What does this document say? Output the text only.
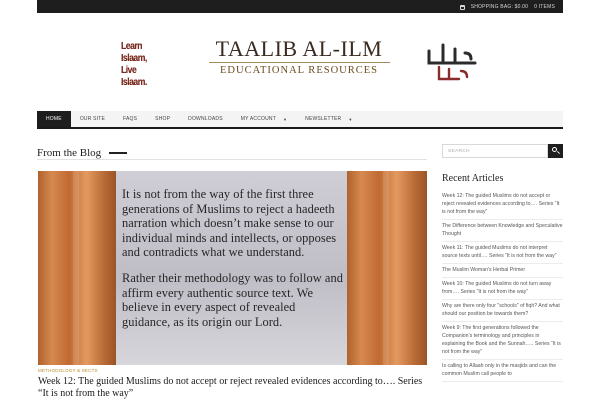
SHOPPING BAG: $0.00 0 ITEMS
Learn Islaam,
Live Islaam.
TAALIB AL-ILM
EDUCATIONAL RESOURCES
HOME	OUR SITE	FAQS	SHOP	DOWNLOADS	MY ACCOUNT ▼	NEWSLETTER ▼
From the Blog

It is not from the way of the first three generations of Muslims to reject a hadeeth narration which doesn’t make sense to our individual minds and intellects, or opposes and contradicts what we understand.

Rather their methodology was to follow and affirm every authentic source text. We believe in every aspect of revealed guidance, as its origin our Lord.

METHODOLOGY & SECTS
Week 12: The guided Muslims do not accept or reject revealed evidences according to…. Series “It is not from the way”
SEARCH
Recent Articles
Week 12: The guided Muslims do not accept or reject revealed evidences according to…. Series “It is not from the way”
The Difference between Knowledge and Speculative Thought
Week 11: The guided Muslims do not interpret source texts until…. Series “It is not from the way”
The Muslim Woman's Herbal Primer
Week 10: The guided Muslims do not turn away from…. Series “It is not from the way”
Why are there only four "schools" of fiqh? And what should our position be towards them?
Week 9: The first generations followed the Companion’s terminology and principles in explaining the Book and the Sunnah….. Series “It is not from the way”
Is calling to Allaah only in the masjids and can the common Muslim call people to
